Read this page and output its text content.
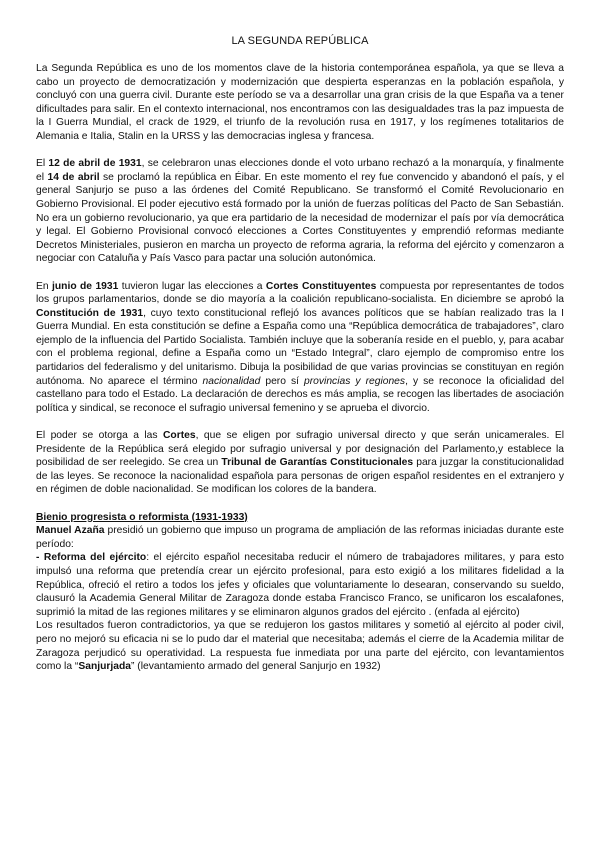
LA SEGUNDA REPÚBLICA

La Segunda República es uno de los momentos clave de la historia contemporánea española, ya que se lleva a cabo un proyecto de democratización y modernización que despierta esperanzas en la población española, y concluyó con una guerra civil. Durante este período se va a desarrollar una gran crisis de la que España va a tener dificultades para salir. En el contexto internacional, nos encontramos con las desigualdades tras la paz impuesta de la I Guerra Mundial, el crack de 1929, el triunfo de la revolución rusa en 1917, y los regímenes totalitarios de Alemania e Italia, Stalin en la URSS y las democracias inglesa y francesa.

El 12 de abril de 1931, se celebraron unas elecciones donde el voto urbano rechazó a la monarquía, y finalmente el 14 de abril se proclamó la república en Éibar. En este momento el rey fue convencido y abandonó el país, y el general Sanjurjo se puso a las órdenes del Comité Republicano. Se transformó el Comité Revolucionario en Gobierno Provisional. El poder ejecutivo está formado por la unión de fuerzas políticas del Pacto de San Sebastián. No era un gobierno revolucionario, ya que era partidario de la necesidad de modernizar el país por vía democrática y legal. El Gobierno Provisional convocó elecciones a Cortes Constituyentes y emprendió reformas mediante Decretos Ministeriales, pusieron en marcha un proyecto de reforma agraria, la reforma del ejército y comenzaron a negociar con Cataluña y País Vasco para pactar una solución autonómica.

En junio de 1931 tuvieron lugar las elecciones a Cortes Constituyentes compuesta por representantes de todos los grupos parlamentarios, donde se dio mayoría a la coalición republicano-socialista. En diciembre se aprobó la Constitución de 1931, cuyo texto constitucional reflejó los avances políticos que se habían realizado tras la I Guerra Mundial. En esta constitución se define a España como una “República democrática de trabajadores”, claro ejemplo de la influencia del Partido Socialista. También incluye que la soberanía reside en el pueblo, y, para acabar con el problema regional, define a España como un “Estado Integral”, claro ejemplo de compromiso entre los partidarios del federalismo y del unitarismo. Dibuja la posibilidad de que varias provincias se constituyan en región autónoma. No aparece el término nacionalidad pero sí provincias y regiones, y se reconoce la oficialidad del castellano para todo el Estado. La declaración de derechos es más amplia, se recogen las libertades de asociación política y sindical, se reconoce el sufragio universal femenino y se aprueba el divorcio.

El poder se otorga a las Cortes, que se eligen por sufragio universal directo y que serán unicamerales. El Presidente de la República será elegido por sufragio universal y por designación del Parlamento,y establece la posibilidad de ser reelegido. Se crea un Tribunal de Garantías Constitucionales para juzgar la constitucionalidad de las leyes. Se reconoce la nacionalidad española para personas de origen español residentes en el extranjero y en régimen de doble nacionalidad. Se modifican los colores de la bandera.

Bienio progresista o reformista (1931-1933)

Manuel Azaña presidió un gobierno que impuso un programa de ampliación de las reformas iniciadas durante este período:

- Reforma del ejército: el ejército español necesitaba reducir el número de trabajadores militares, y para esto impulsó una reforma que pretendía crear un ejército profesional, para esto exigió a los militares fidelidad a la República, ofreció el retiro a todos los jefes y oficiales que voluntariamente lo desearan, conservando su sueldo, clausuró la Academia General Militar de Zaragoza donde estaba Francisco Franco, se unificaron los escalafones, suprimió la mitad de las regiones militares y se eliminaron algunos grados del ejército . (enfada al ejército)

Los resultados fueron contradictorios, ya que se redujeron los gastos militares y sometió al ejército al poder civil, pero no mejoró su eficacia ni se lo pudo dar el material que necesitaba; además el cierre de la Academia militar de Zaragoza perjudicó su operatividad. La respuesta fue inmediata por una parte del ejército, con levantamientos como la “Sanjurjada” (levantamiento armado del general Sanjurjo en 1932)
